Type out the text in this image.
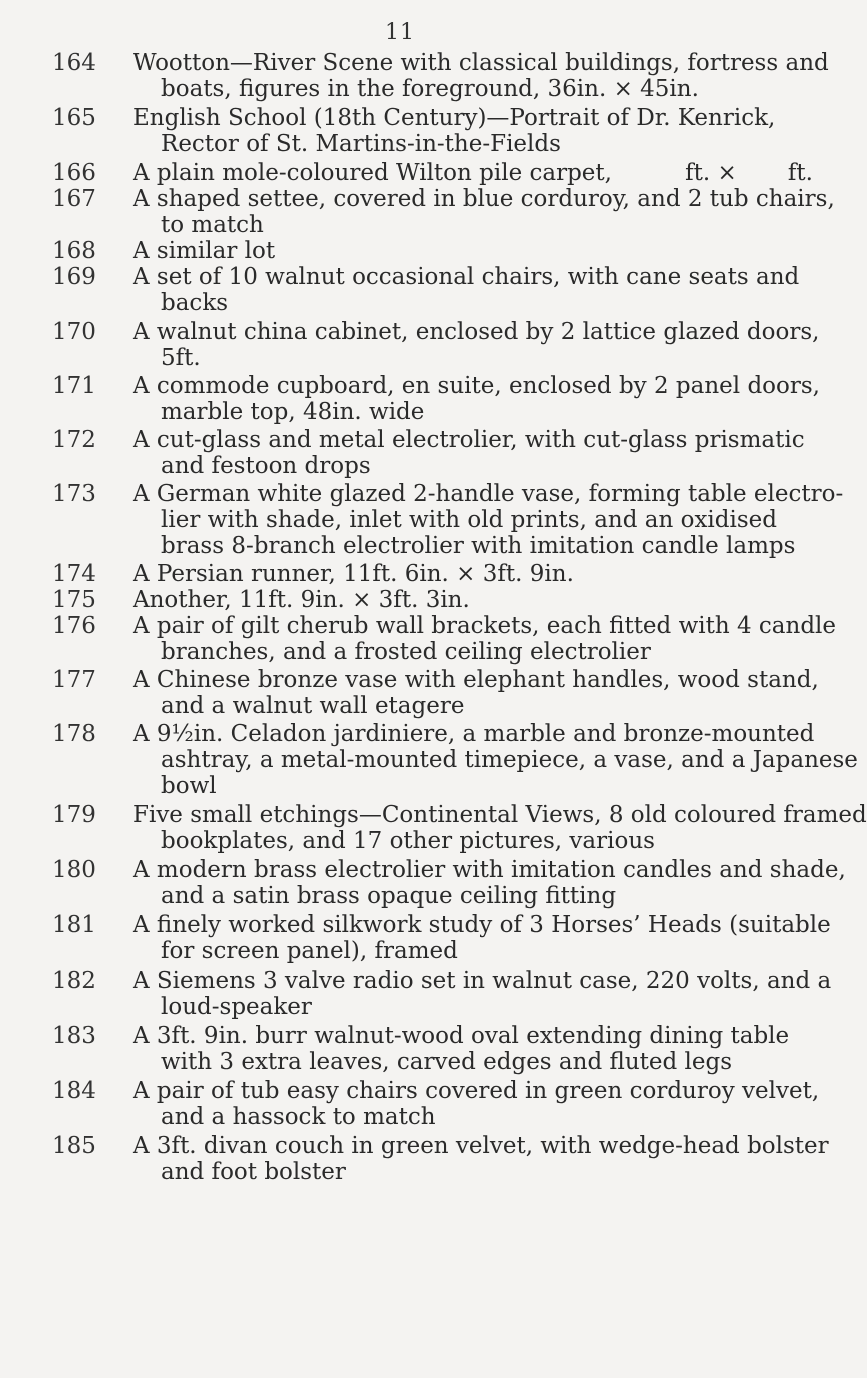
11
164 Wootton—River Scene with classical buildings, fortress and
boats, figures in the foreground, 36in. × 45in.
165 English School (18th Century)—Portrait of Dr. Kenrick,
Rector of St. Martins-in-the-Fields
166 A plain mole-coloured Wilton pile carpet,          ft. ×       ft.
167 A shaped settee, covered in blue corduroy, and 2 tub chairs,
to match
168 A similar lot
169 A set of 10 walnut occasional chairs, with cane seats and
backs
170 A walnut china cabinet, enclosed by 2 lattice glazed doors,
5ft.
171 A commode cupboard, en suite, enclosed by 2 panel doors,
marble top, 48in. wide
172 A cut-glass and metal electrolier, with cut-glass prismatic
and festoon drops
173 A German white glazed 2-handle vase, forming table electro-
lier with shade, inlet with old prints, and an oxidised
brass 8-branch electrolier with imitation candle lamps
174 A Persian runner, 11ft. 6in. × 3ft. 9in.
175 Another, 11ft. 9in. × 3ft. 3in.
176 A pair of gilt cherub wall brackets, each fitted with 4 candle
branches, and a frosted ceiling electrolier
177 A Chinese bronze vase with elephant handles, wood stand,
and a walnut wall etagere
178 A 9½in. Celadon jardiniere, a marble and bronze-mounted
ashtray, a metal-mounted timepiece, a vase, and a Japanese
bowl
179 Five small etchings—Continental Views, 8 old coloured framed
bookplates, and 17 other pictures, various
180 A modern brass electrolier with imitation candles and shade,
and a satin brass opaque ceiling fitting
181 A finely worked silkwork study of 3 Horses’ Heads (suitable
for screen panel), framed
182 A Siemens 3 valve radio set in walnut case, 220 volts, and a
loud-speaker
183 A 3ft. 9in. burr walnut-wood oval extending dining table
with 3 extra leaves, carved edges and fluted legs
184 A pair of tub easy chairs covered in green corduroy velvet,
and a hassock to match
185 A 3ft. divan couch in green velvet, with wedge-head bolster
and foot bolster
